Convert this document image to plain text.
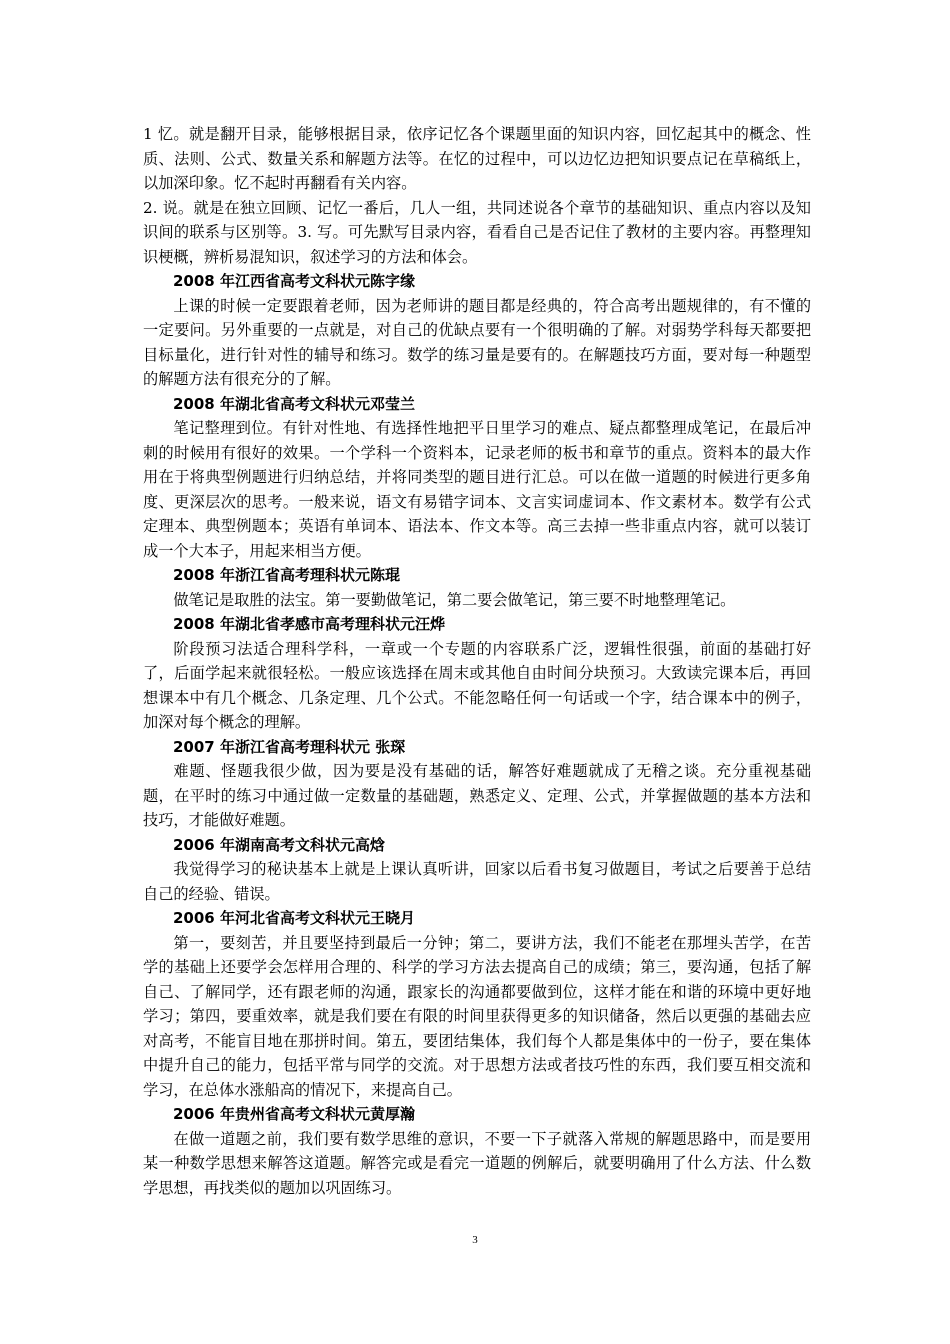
1 忆。就是翻开目录，能够根据目录，依序记忆各个课题里面的知识内容，回忆起其中的概念、性质、法则、公式、数量关系和解题方法等。在忆的过程中，可以边忆边把知识要点记在草稿纸上，以加深印象。忆不起时再翻看有关内容。

2. 说。就是在独立回顾、记忆一番后，几人一组，共同述说各个章节的基础知识、重点内容以及知识间的联系与区别等。3. 写。可先默写目录内容，看看自己是否记住了教材的主要内容。再整理知识梗概，辨析易混知识，叙述学习的方法和体会。

2008 年江西省高考文科状元陈字缘

上课的时候一定要跟着老师，因为老师讲的题目都是经典的，符合高考出题规律的，有不懂的一定要问。另外重要的一点就是，对自己的优缺点要有一个很明确的了解。对弱势学科每天都要把目标量化，进行针对性的辅导和练习。数学的练习量是要有的。在解题技巧方面，要对每一种题型的解题方法有很充分的了解。

2008 年湖北省高考文科状元邓莹兰

笔记整理到位。有针对性地、有选择性地把平日里学习的难点、疑点都整理成笔记，在最后冲刺的时候用有很好的效果。一个学科一个资料本，记录老师的板书和章节的重点。资料本的最大作用在于将典型例题进行归纳总结，并将同类型的题目进行汇总。可以在做一道题的时候进行更多角度、更深层次的思考。一般来说，语文有易错字词本、文言实词虚词本、作文素材本。数学有公式定理本、典型例题本；英语有单词本、语法本、作文本等。高三去掉一些非重点内容，就可以装订成一个大本子，用起来相当方便。

2008 年浙江省高考理科状元陈琨

做笔记是取胜的法宝。第一要勤做笔记，第二要会做笔记，第三要不时地整理笔记。

2008 年湖北省孝感市高考理科状元汪烨

阶段预习法适合理科学科，一章或一个专题的内容联系广泛，逻辑性很强，前面的基础打好了，后面学起来就很轻松。一般应该选择在周末或其他自由时间分块预习。大致读完课本后，再回想课本中有几个概念、几条定理、几个公式。不能忽略任何一句话或一个字，结合课本中的例子，加深对每个概念的理解。

2007 年浙江省高考理科状元 张琛

难题、怪题我很少做，因为要是没有基础的话，解答好难题就成了无稽之谈。充分重视基础题，在平时的练习中通过做一定数量的基础题，熟悉定义、定理、公式，并掌握做题的基本方法和技巧，才能做好难题。

2006 年湖南高考文科状元高焓

我觉得学习的秘诀基本上就是上课认真听讲，回家以后看书复习做题目，考试之后要善于总结自己的经验、错误。

2006 年河北省高考文科状元王晓月

第一，要刻苦，并且要坚持到最后一分钟；第二，要讲方法，我们不能老在那埋头苦学，在苦学的基础上还要学会怎样用合理的、科学的学习方法去提高自己的成绩；第三，要沟通，包括了解自己、了解同学，还有跟老师的沟通，跟家长的沟通都要做到位，这样才能在和谐的环境中更好地学习；第四，要重效率，就是我们要在有限的时间里获得更多的知识储备，然后以更强的基础去应对高考，不能盲目地在那拼时间。第五，要团结集体，我们每个人都是集体中的一份子，要在集体中提升自己的能力，包括平常与同学的交流。对于思想方法或者技巧性的东西，我们要互相交流和学习，在总体水涨船高的情况下，来提高自己。

2006 年贵州省高考文科状元黄厚瀚

在做一道题之前，我们要有数学思维的意识，不要一下子就落入常规的解题思路中，而是要用某一种数学思想来解答这道题。解答完或是看完一道题的例解后，就要明确用了什么方法、什么数学思想，再找类似的题加以巩固练习。

3
